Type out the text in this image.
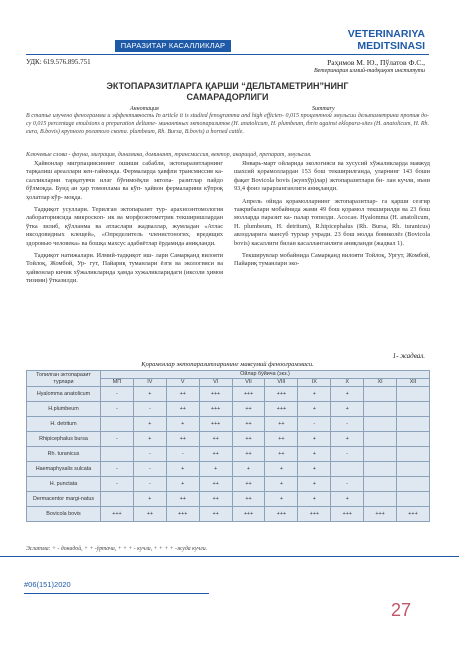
ПАРАЗИТАР КАСАЛЛИКЛАР
VETERINARIYA
MEDITSINASI
УДК: 619.576.895.751	Раҳимов М. Ю., Пўлатов Ф.С.,
Ветеринария илмий-тадқиқот институти
ЭКТОПАРАЗИТЛАРГА ҚАРШИ “ДЕЛЬТАМЕТРИН”НИНГ
САМАРАДОРЛИГИ
Аннотация	Summary
В статье изучено фенограмма и эффективность In article it is studied fenogramma and high efficien- 0,015 процентной эмульсии дельтаметрина против до- cy 0,015 percentage emulsions a preparation deltame- минантных эктопаразитов (H. anatolicum, H. plumbeum, thrin against eklopara-sites (H. anatolicum, H. Rh. eura, B.bovis) крупного рогатого скота. plumbeum, Rh. Bursa, B.bovis) a horned cattle.
Ключевые слова - фауна, миграция, динамика, доминант, трансмиссия, вектор, акарицид, препарат, эмульсия.

Ҳайвонлар мигрпациясининг ошиши сабабли, эктопаразитларнинг тарқалиш ареаллари кен-гаймоқда. Фермаларда ҳавфли трансмиссив ка- салликларни тарқатувчи иләг бўғимоёқли эктопа- разитлар пайдо бўлмоқда. Бунд ан ҳар томонлама ва кўп- ҳайвон фермаларини кўпроқ ҳолатлар кўр- моқда.

Тадқиқот усуллари. Терилган эктопаразит тур- арахноэнтомология лабораториясида микроскоп- ик ва морфоэктометрик текширишлардан ўтка зилиб, қўлланма ва атласлари жадваллар, жумладан «Атлас иксодовидных клещей», «Определитель членистоногих, вредящих здоровью человека» ва бошқа махсус адабиётлар ёрдамида аниқланди.

Тадқиқот натижалари. Илмий-тадқиқот иш- лари Самарқанд вилояти Тойлоқ, Жомбой, Ур- гут, Пайариқ туманлари ёзги ва экологияси ва ҳайвонлар кичик хўжаликларида ҳамда хужаликларидаги (иксоли ҳимоя тизими) ўтказилди.

Январь-март ойларида экологияси ва хусусий хўжаликларда мавжуд шахсий қорамоллардан 153 бош текширилганда, уларнинг 143 боши фақат Bovicola bovis (жунхўр)лар) эктопаразитлари бн- лан кучли, яъни 93,4 фоиз зарарланганлиги аниқланди.

Апрель ойида қорамолларнинг эктопаразитлар- га қарши сезгир тажрибалари мобайнида жами 49 бош қорамол текширилди ва 23 бош молларда паразит ка- палар топилди. Асосан. Hyalomma (H. anatolicum, H. plumbeum, H. detritum), R.hipicephalus (Rh. Bursa, Rh. turanicus) авлодларига мансуб турлар учради. 23 бош молда бовиколёз (Bovicola bovis) касаллиги билан касалланганлиги аниқланди (жадвал 1).

Текширувлар мобайнида Самарқанд вилояти Тойлоқ, Ургут, Жомбой, Пайариқ туманлари эко-

1- жадвал.
Қорамоллар эктопаразитларининг мавсумий феноограммаси.
Топилган эктопаразит турлари	Ойлар бўйича (экз.)									
	МП	IV	V	VI	VII	VIII	IX	X	XI	XII
Hyalomma anatolicum	-	+	++	+++	+++	+++	+	+		
H.plumbeum	-	-	++	+++	++	+++	+	+		
H. detritum		+	+	+++	++	++	-	-		
Rhipicephalus bursa	-	+	++	++	++	++	+	+		
Rh. turanicus		-	-	++	++	++	+	-		
Haemaphysalis sulcata	-	-	+	+	+	+	+			
H. punctata	-	-	+	++	++	+	+	-		
Dermacentor margi-natus		+	++	++	++	+	+	+		
Bovicola bovis	+++	++	+++	++	+++	+++	+++	+++	+++	+++
Эслатма: + - донадой, + + -ўртача, + + + - кучли, + + + + -жуда кучли.
#06(151)2020
27
